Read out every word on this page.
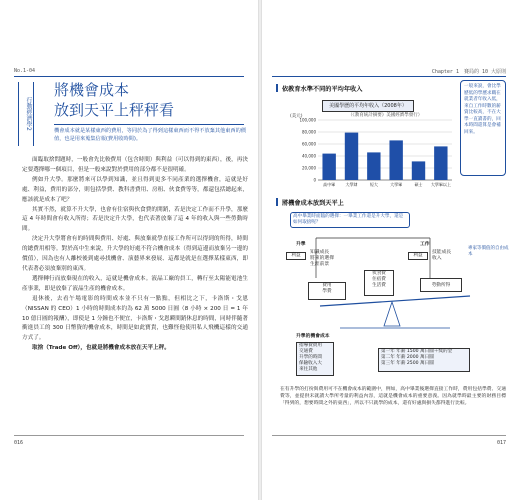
No.1-04
行動經濟學2
將機會成本
放到天平上秤秤看
機會成本就是某樣東西的費用，等同於為了得到這樣東西而不得不放棄其他東西的價值，也是用來蒐集信報(費用收時間)。

面臨取捨問題時，一般會先比較費用（包含時間）與利益（可以得到的東西），後，再決定要選擇哪一個項目，但是一般來說對於費用的部分都不是很明確。

例如升大學。那麼將來可以學到知識，並且得到更多不同產業的選擇機會，這就是好處、利益，費用的部分，則包括學費、教科書費用、房租、伙食費等等，都還包括總起來，應該就是成本了吧？

其實不然，就算不升大學，也會有住宿與伙食費的開銷，若是決定工作而不升學，那麼這 4 年時間會有收入所得；若是決定升大學，也代表著放棄了這 4 年的收入與一些勞動時間。

決定升大學將會有的時間與費用、好處、與放棄就學直接工作所可以得到的所得，時間的總費用相等。對於高中生來說，升大學的好處不符合機會成本（得到這邊而放棄另一邊的價值），因為也有人離校後到處尋找機會、演藝界來發展、這都是就是在選擇某樣東西，即代表著必須放棄別的東西。

選擇轉行而放棄現在的收入，這就是機會成本。液晶工廠的員工，轉行至太陽能電池生產事業，即是放棄了液晶生產的機會成本。

退休後，去看午場電影的時間成本並不只有一點點，但相比之下，卡洛斯・戈恩（NISSAN 的 CEO）1 小時的時間成本約為 62 萬 5000 日圓（8 小時 × 200 日 = 1 年 10 億日圓的報酬），即使是 1 分鐘也不便宜，卡洛斯・戈恩瞬間銷休息的時間，同時伴隨著衝進員工的 300 日幣資的機會成本，時間是如此寶貴，也難怪他使用私人飛機這樣的交通方式了。

取捨（Trade Off），也就是將機會成本放在天平上秤。

016
Chapter 1　賽局的 10 大原則
依教育水準不同的平均年收入	一般來說，會比學歷低的學歷求職在就業者年收入低，來自工作時數的薪資比較高，不在大學一直讀書的，回本時間還算是會補回來。
美國學歷的平均年收入（2008年）
（《教育統計摘要》美國經濟學發行）
(美元)
100,000
80,000
60,000
40,000
20,000
0
高中畢	大學肄	短大	大學畢	碩士 大學畢以上
將機會成本放到天平上
高中畢業時面臨的選擇：一畢業工作還是升大學，還是如何取捨呢？
升學	工作
利益
知識成長
將來的選擇
生涯前景
利益
技能成長
收入
費用
學費
伙食費
住宿費
生活費	勞動所得
升學的機會成本
指導費費用
交通費
升學的時間
保險收入大
來往其他
第一年 年薪 1500 萬日圓＋獎的金
第二年 年薪 2000 萬日圓
第三年 年薪 2500 萬日圓
專家等價值的自由成本
在有升學的打扮與費用可不在機會成本的範圍中，例如，高中畢業後選擇直接工作時，費用包括學費、交通費等，並提供未就讀大學所考量的利益內容，這就是機會成本的重要意義。因為就學時最主要的財務目標「得到的，想要時間之外的東西」，所以不只就學的成本，還有好處與損失都得進行比較。
017
